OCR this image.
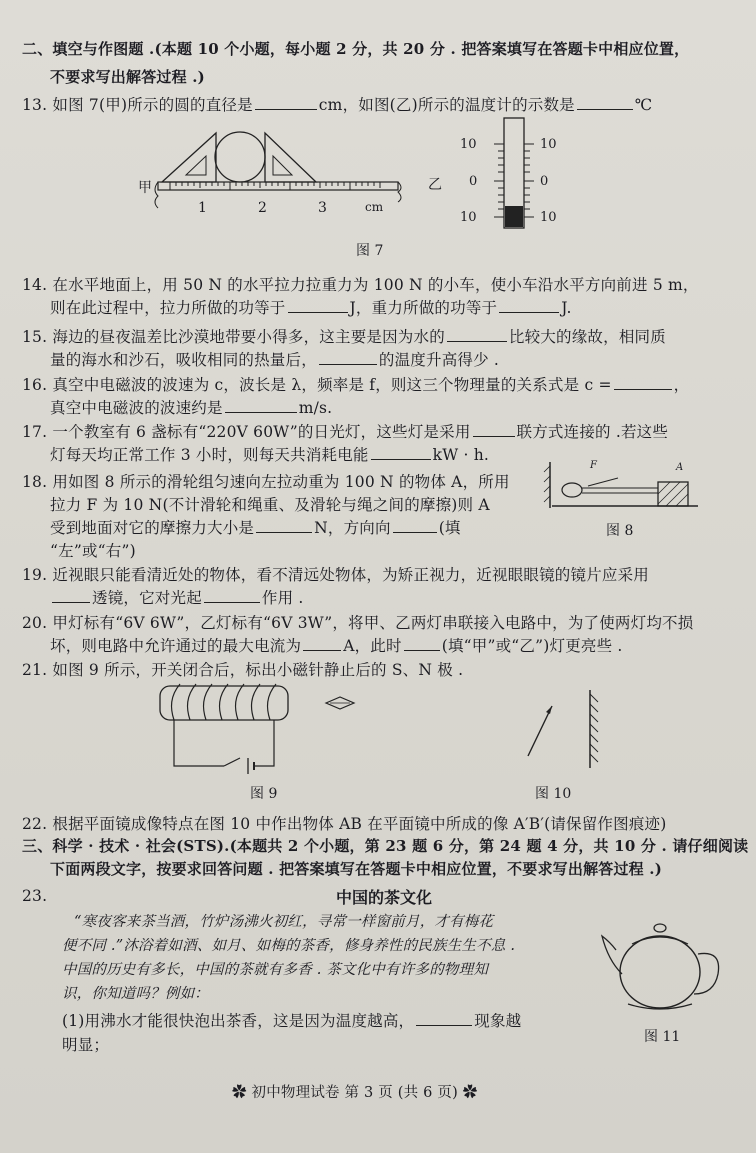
二、填空与作图题 .(本题 10 个小题，每小题 2 分，共 20 分 . 把答案填写在答题卡中相应位置，
不要求写出解答过程 .)
13. 如图 7(甲)所示的圆的直径是	cm，如图(乙)所示的温度计的示数是	℃
甲
1	2	3	cm
10
0
10
10
0
10
乙
图 7
14. 在水平地面上，用 50 N 的水平拉力拉重力为 100 N 的小车，使小车沿水平方向前进 5 m，
则在此过程中，拉力所做的功等于	J，重力所做的功等于	J.
15. 海边的昼夜温差比沙漠地带要小得多，这主要是因为水的	比较大的缘故，相同质
量的海水和沙石，吸收相同的热量后，	的温度升高得少 .
16. 真空中电磁波的波速为 c，波长是 λ，频率是 f，则这三个物理量的关系式是 c =	，
真空中电磁波的波速约是	m/s.
17. 一个教室有 6 盏标有“220V 60W”的日光灯，这些灯是采用	联方式连接的 .若这些
灯每天均正常工作 3 小时，则每天共消耗电能	kW · h.
18. 用如图 8 所示的滑轮组匀速向左拉动重为 100 N 的物体 A，所用
拉力 F 为 10 N(不计滑轮和绳重、及滑轮与绳之间的摩擦)则 A
受到地面对它的摩擦力大小是	N，方向向	(填
“左”或“右”)
F	A
图 8
19. 近视眼只能看清近处的物体，看不清远处物体，为矫正视力，近视眼眼镜的镜片应采用
透镜，它对光起	作用 .
20. 甲灯标有“6V 6W”，乙灯标有“6V 3W”，将甲、乙两灯串联接入电路中，为了使两灯均不损
坏，则电路中允许通过的最大电流为	A，此时	(填“甲”或“乙”)灯更亮些 .
21. 如图 9 所示，开关闭合后，标出小磁针静止后的 S、N 极 .
图 9	图 10
22. 根据平面镜成像特点在图 10 中作出物体 AB 在平面镜中所成的像 A′B′(请保留作图痕迹)
三、科学 · 技术 · 社会(STS).(本题共 2 个小题，第 23 题 6 分，第 24 题 4 分，共 10 分 . 请仔细阅读
下面两段文字，按要求回答问题 . 把答案填写在答题卡中相应位置，不要求写出解答过程 .)
23.	中国的茶文化
“寒夜客来茶当酒，竹炉汤沸火初红，寻常一样窗前月，才有梅花
便不同 .”沐浴着如酒、如月、如梅的茶香，修身养性的民族生生不息 .
中国的历史有多长，中国的茶就有多香 . 茶文化中有许多的物理知
识，你知道吗？例如：
(1)用沸水才能很快泡出茶香，这是因为温度越高，	现象越
明显；	图 11
✿ 初中物理试卷 第 3 页 (共 6 页) ✿
